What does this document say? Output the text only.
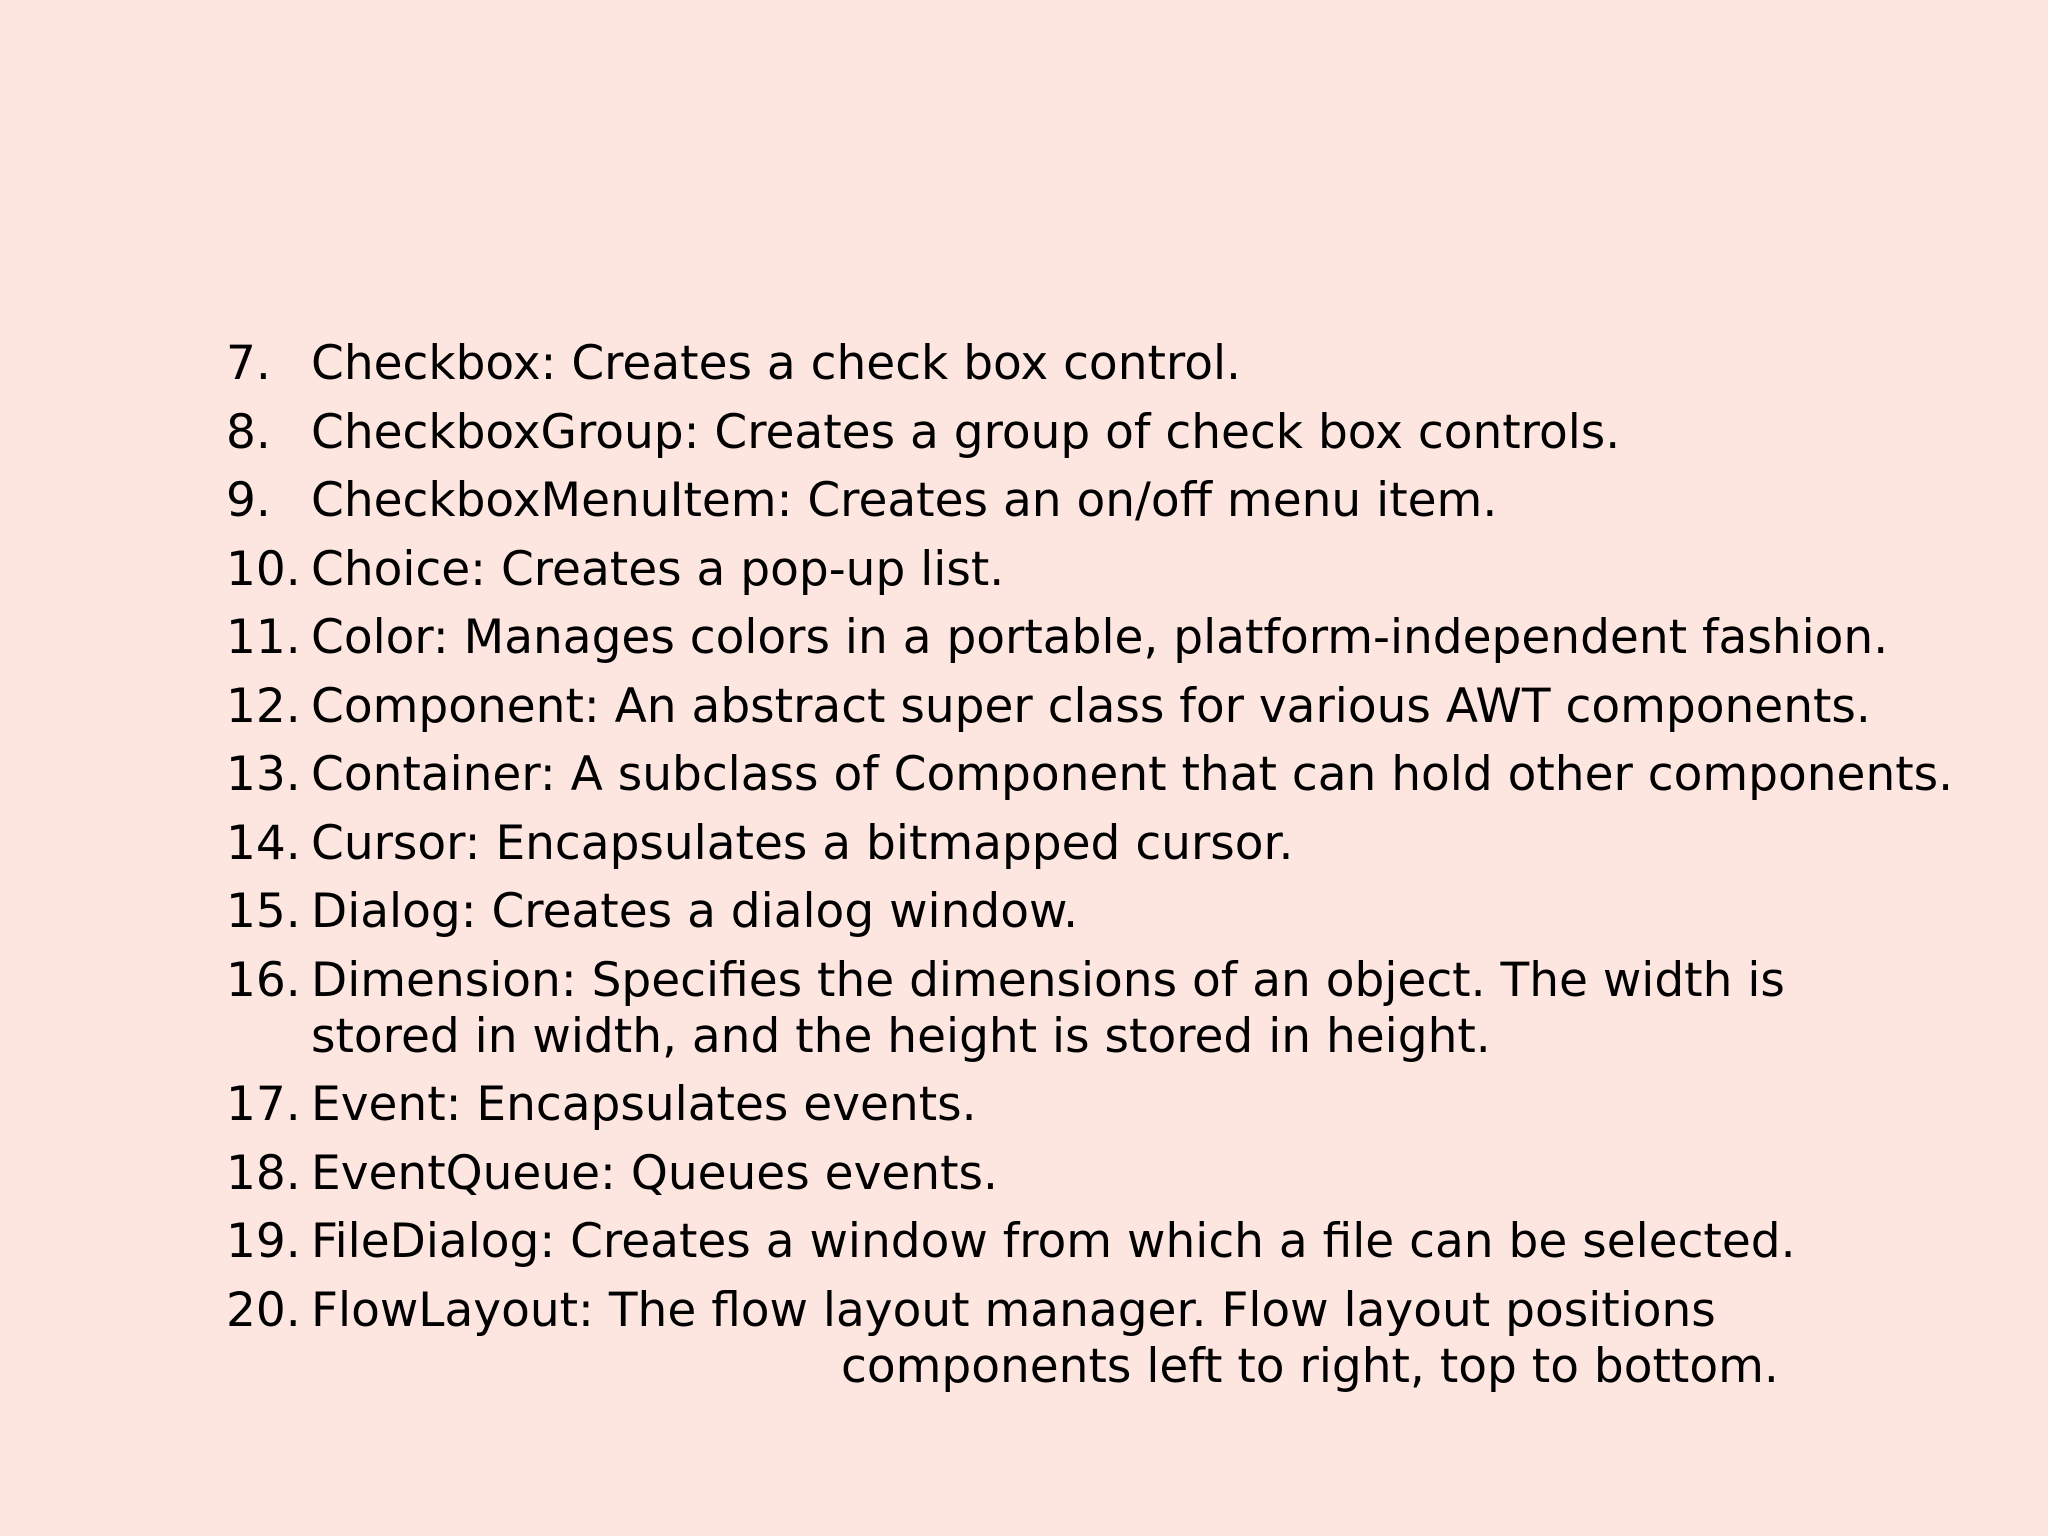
7. Checkbox: Creates a check box control.
8. CheckboxGroup: Creates a group of check box controls.
9. CheckboxMenuItem: Creates an on/off menu item.
10. Choice: Creates a pop-up list.
11. Color: Manages colors in a portable, platform-independent fashion.
12. Component: An abstract super class for various AWT components.
13. Container: A subclass of Component that can hold other components.
14. Cursor: Encapsulates a bitmapped cursor.
15. Dialog: Creates a dialog window.
16. Dimension: Specifies the dimensions of an object. The width is
stored in width, and the height is stored in height.
17. Event: Encapsulates events.
18. EventQueue: Queues events.
19. FileDialog: Creates a window from which a file can be selected.
20. FlowLayout: The flow layout manager. Flow layout positions
components left to right, top to bottom.
